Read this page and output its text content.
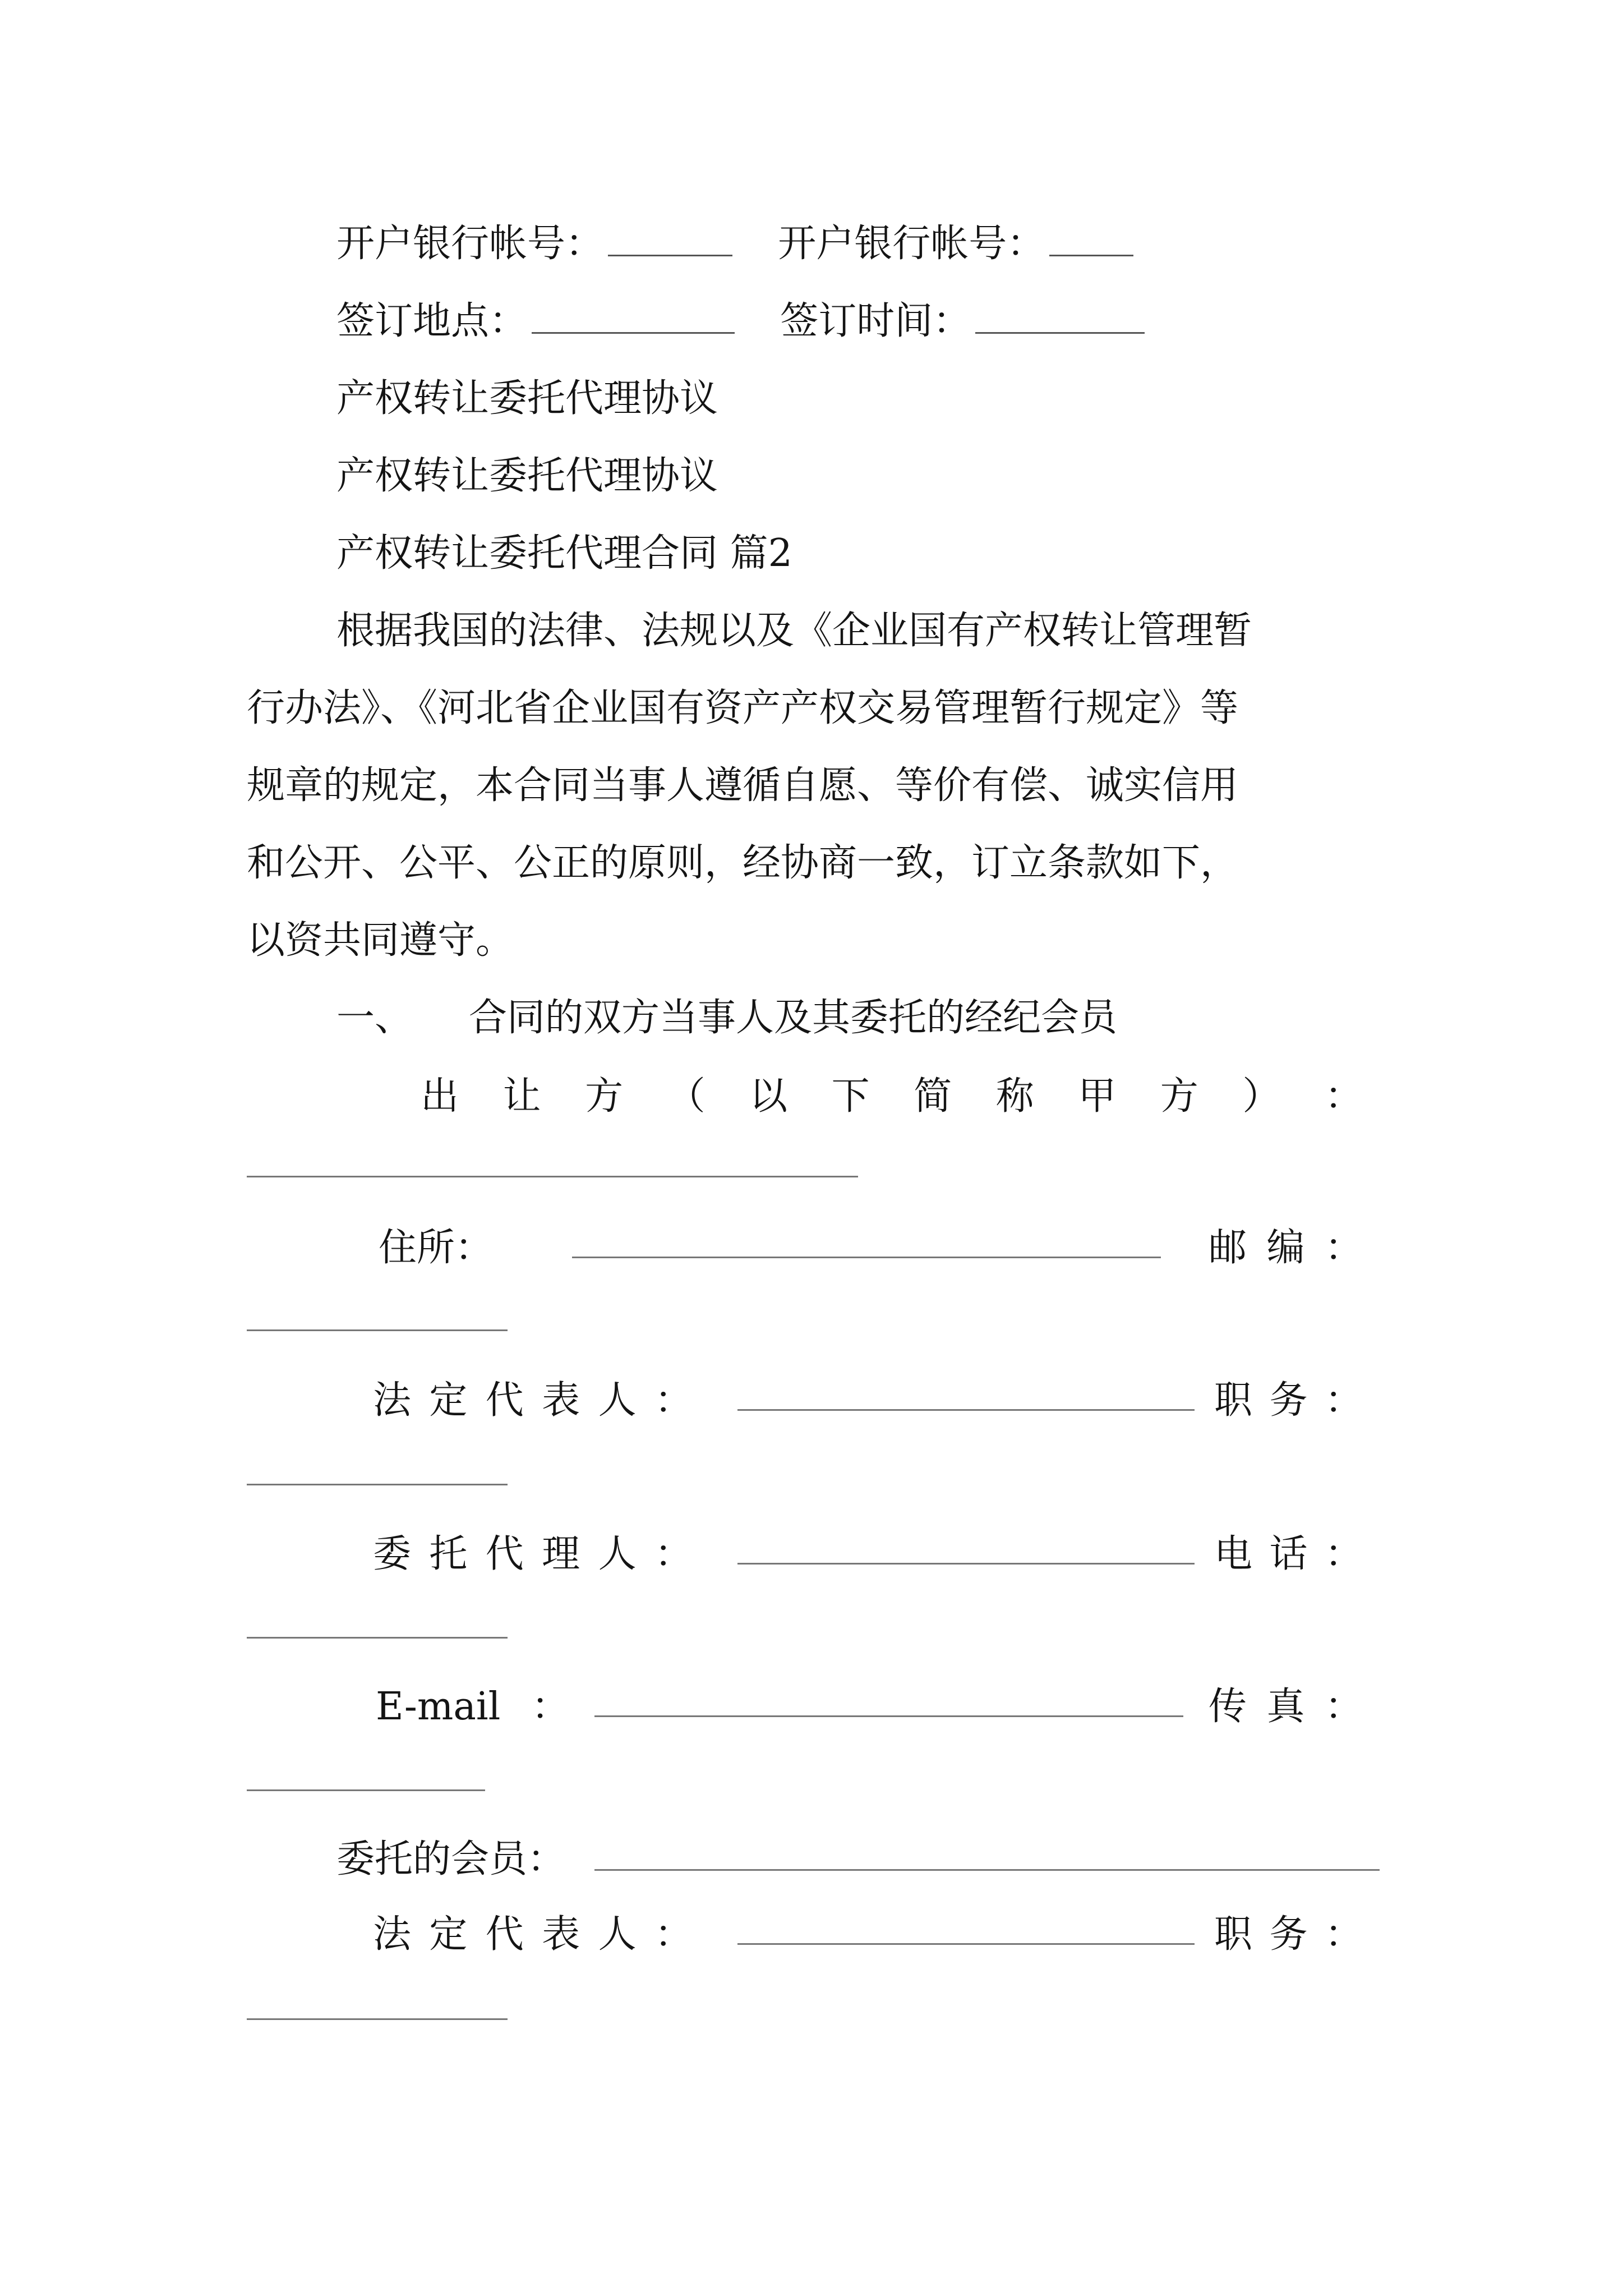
开户银行帐号：	开户银行帐号：
签订地点：	签订时间：
产权转让委托代理协议
产权转让委托代理协议
产权转让委托代理合同 篇2
根据我国的法律、法规以及《企业国有产权转让管理暂
行办法》、《河北省企业国有资产产权交易管理暂行规定》等
规章的规定，本合同当事人遵循自愿、等价有偿、诚实信用
和公开、公平、公正的原则，经协商一致，订立条款如下，
以资共同遵守。
一、 合同的双方当事人及其委托的经纪会员
出 让 方 （ 以 下 简 称 甲 方 ） ：
住 所 ：	邮 编 ：
法 定 代 表 人 ：	职 务 ：
委 托 代 理 人 ：	电 话 ：
E-mail ：	传 真 ：
委托的会员：
法 定 代 表 人 ：	职 务 ：
